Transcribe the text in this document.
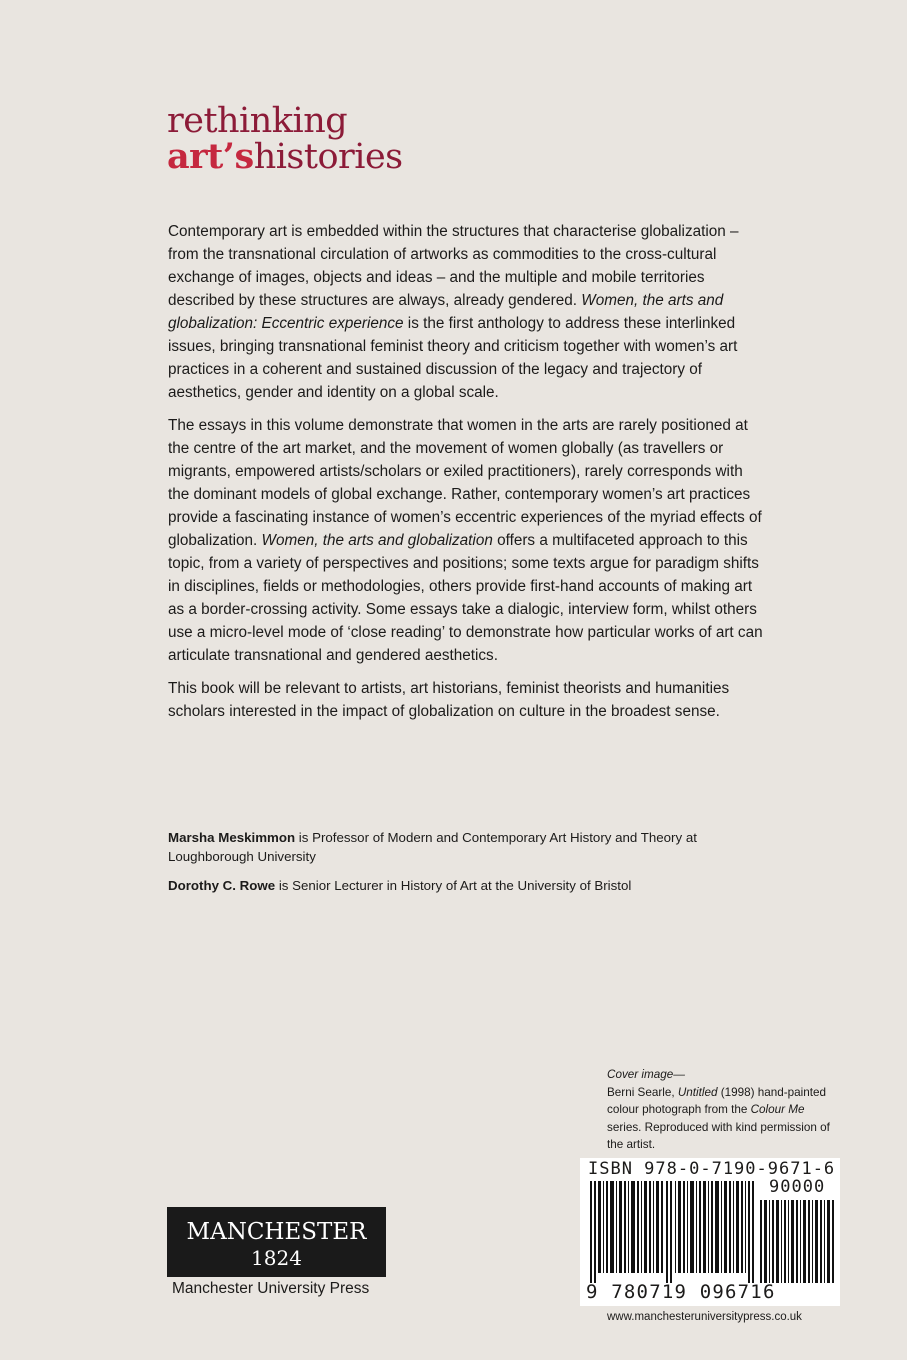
rethinking
art’shistories

Contemporary art is embedded within the structures that characterise globalization – from the transnational circulation of artworks as commodities to the cross-cultural exchange of images, objects and ideas – and the multiple and mobile territories described by these structures are always, already gendered. Women, the arts and globalization: Eccentric experience is the first anthology to address these interlinked issues, bringing transnational feminist theory and criticism together with women’s art practices in a coherent and sustained discussion of the legacy and trajectory of aesthetics, gender and identity on a global scale.

The essays in this volume demonstrate that women in the arts are rarely positioned at the centre of the art market, and the movement of women globally (as travellers or migrants, empowered artists/scholars or exiled practitioners), rarely corresponds with the dominant models of global exchange. Rather, contemporary women’s art practices provide a fascinating instance of women’s eccentric experiences of the myriad effects of globalization. Women, the arts and globalization offers a multifaceted approach to this topic, from a variety of perspectives and positions; some texts argue for paradigm shifts in disciplines, fields or methodologies, others provide first-hand accounts of making art as a border-crossing activity. Some essays take a dialogic, interview form, whilst others use a micro-level mode of ‘close reading’ to demonstrate how particular works of art can articulate transnational and gendered aesthetics.

This book will be relevant to artists, art historians, feminist theorists and humanities scholars interested in the impact of globalization on culture in the broadest sense.

Marsha Meskimmon is Professor of Modern and Contemporary Art History and Theory at Loughborough University

Dorothy C. Rowe is Senior Lecturer in History of Art at the University of Bristol

Cover image—
Berni Searle, Untitled (1998) hand-painted colour photograph from the Colour Me series. Reproduced with kind permission of the artist.
ISBN 978-0-7190-9671-6
90000
9 780719 096716
www.manchesteruniversitypress.co.uk
MANCHESTER
1824
Manchester University Press
